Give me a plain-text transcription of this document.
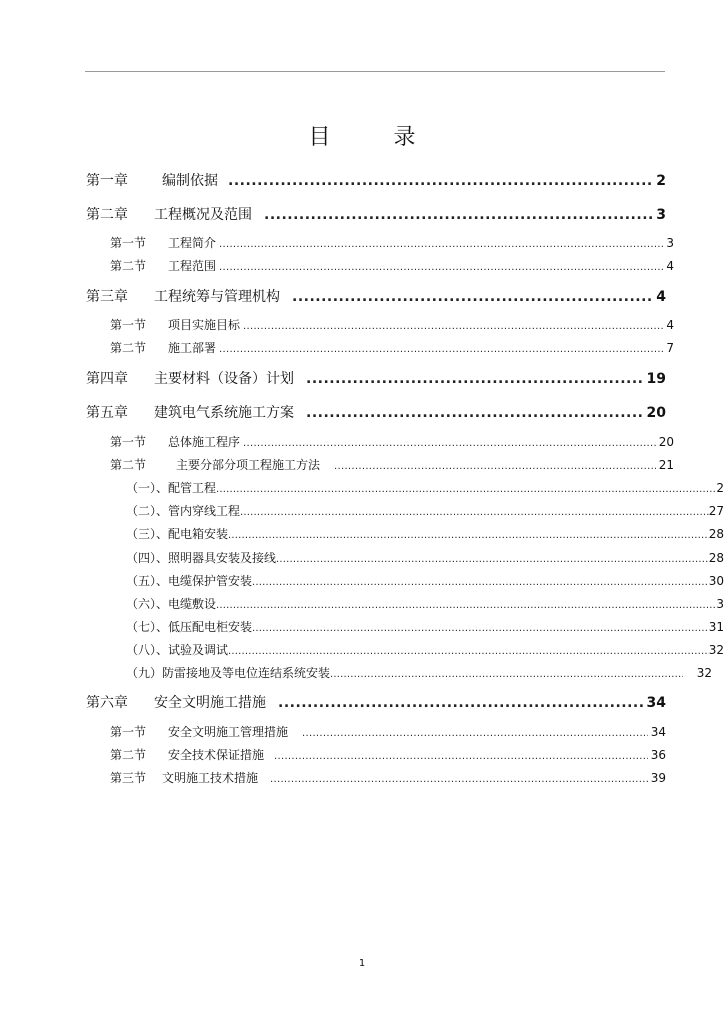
目 录
第一章	编制依据 .....	2
第二章	工程概况及范围 .....	3
第一节	工程简介 .....	3
第二节	工程范围 .....	4
第三章	工程统筹与管理机构 .....	4
第一节	项目实施目标 .....	4
第二节	施工部署 .....	7
第四章	主要材料（设备）计划 .....	19
第五章	建筑电气系统施工方案 .....	20
第一节	总体施工程序 .....	20
第二节	主要分部分项工程施工方法 .....	21
（一）、配管工程 .....	2
（二）、管内穿线工程 .....	27
（三）、配电箱安装 .....	28
（四）、照明器具安装及接线 .....	28
（五）、电缆保护管安装 .....	30
（六）、电缆敷设 .....	3
（七）、低压配电柜安装 .....	31
（八）、试验及调试 .....	32
（九）防雷接地及等电位连结系统安装 .....	32
第六章	安全文明施工措施 .....	34
第一节	安全文明施工管理措施 .....	34
第二节	安全技术保证措施 .....	36
第三节	文明施工技术措施 .....	39
1
